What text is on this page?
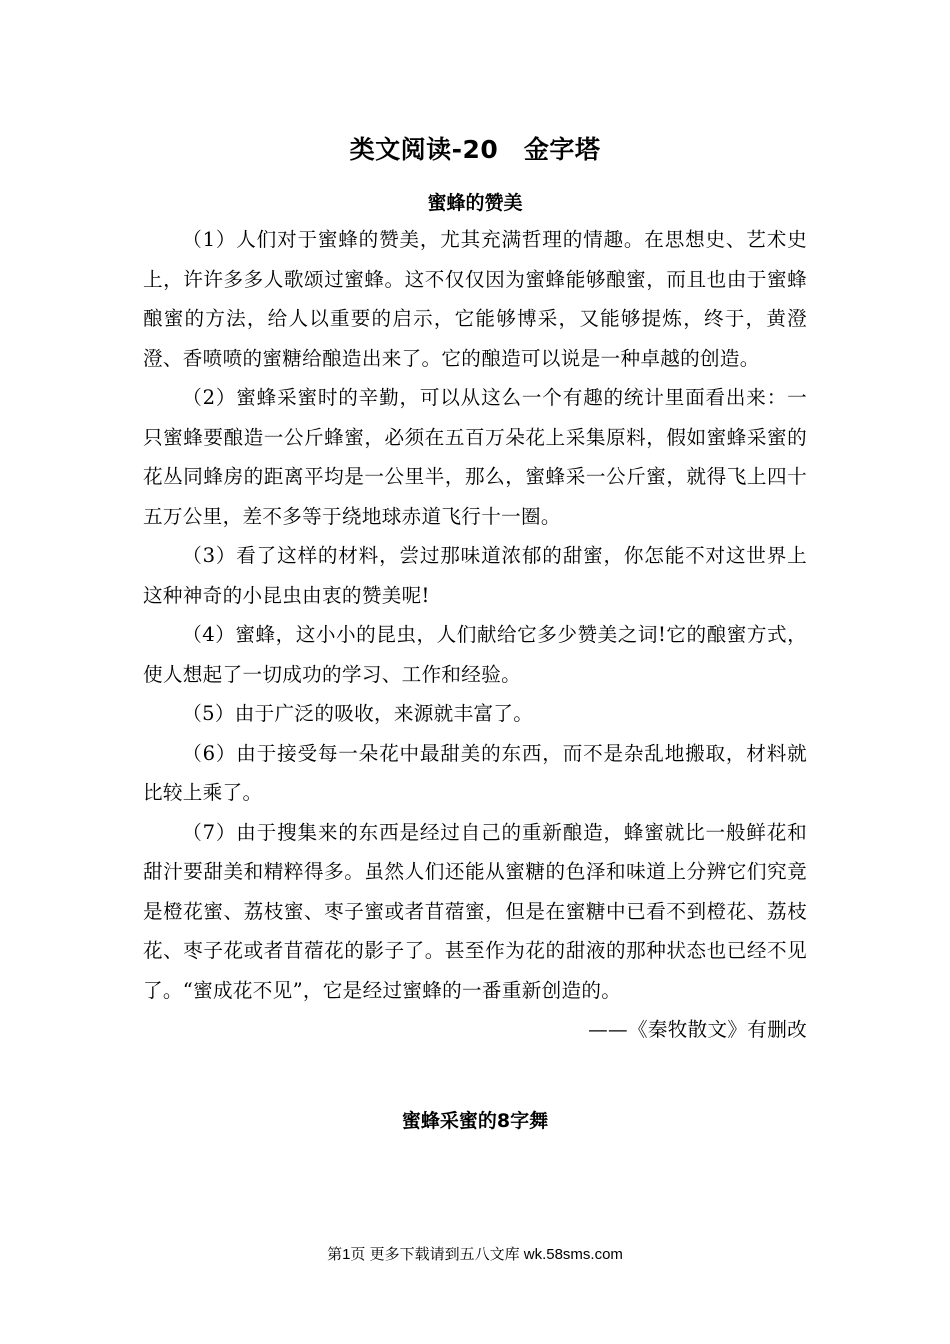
类文阅读-20　金字塔
蜜蜂的赞美

（1）人们对于蜜蜂的赞美，尤其充满哲理的情趣。在思想史、艺术史上，许许多多人歌颂过蜜蜂。这不仅仅因为蜜蜂能够酿蜜，而且也由于蜜蜂酿蜜的方法，给人以重要的启示，它能够博采，又能够提炼，终于，黄澄澄、香喷喷的蜜糖给酿造出来了。它的酿造可以说是一种卓越的创造。

（2）蜜蜂采蜜时的辛勤，可以从这么一个有趣的统计里面看出来：一只蜜蜂要酿造一公斤蜂蜜，必须在五百万朵花上采集原料，假如蜜蜂采蜜的花丛同蜂房的距离平均是一公里半，那么，蜜蜂采一公斤蜜，就得飞上四十五万公里，差不多等于绕地球赤道飞行十一圈。

（3）看了这样的材料，尝过那味道浓郁的甜蜜，你怎能不对这世界上这种神奇的小昆虫由衷的赞美呢!

（4）蜜蜂，这小小的昆虫，人们献给它多少赞美之词!它的酿蜜方式，使人想起了一切成功的学习、工作和经验。

（5）由于广泛的吸收，来源就丰富了。

（6）由于接受每一朵花中最甜美的东西，而不是杂乱地搬取，材料就比较上乘了。

（7）由于搜集来的东西是经过自己的重新酿造，蜂蜜就比一般鲜花和甜汁要甜美和精粹得多。虽然人们还能从蜜糖的色泽和味道上分辨它们究竟是橙花蜜、荔枝蜜、枣子蜜或者苜蓿蜜，但是在蜜糖中已看不到橙花、荔枝花、枣子花或者苜蓿花的影子了。甚至作为花的甜液的那种状态也已经不见了。“蜜成花不见”，它是经过蜜蜂的一番重新创造的。

——《秦牧散文》有删改

蜜蜂采蜜的8字舞
第1页 更多下载请到五八文库 wk.58sms.com
